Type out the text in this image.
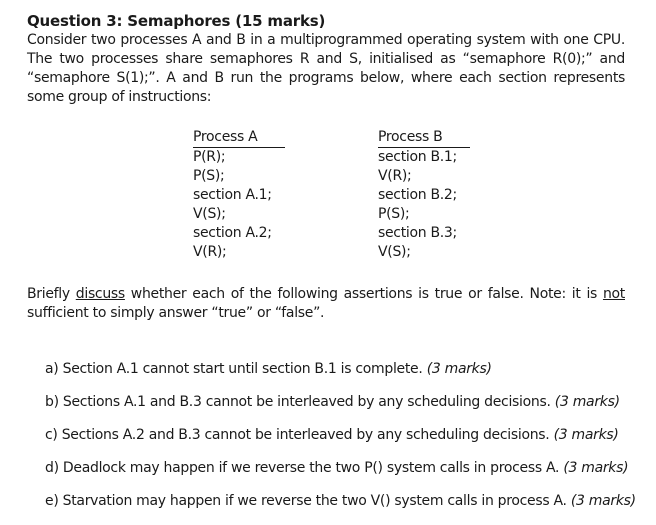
Question 3: Semaphores (15 marks)

Consider two processes A and B in a multiprogrammed operating system with one CPU. The two processes share semaphores R and S, initialised as “semaphore R(0);” and “semaphore S(1);”. A and B run the programs below, where each section represents some group of instructions:

Process A
P(R);
P(S);
section A.1;
V(S);
section A.2;
V(R);
Process B
section B.1;
V(R);
section B.2;
P(S);
section B.3;
V(S);

Briefly discuss whether each of the following assertions is true or false. Note: it is not sufficient to simply answer “true” or “false”.

a) Section A.1 cannot start until section B.1 is complete. (3 marks)
b) Sections A.1 and B.3 cannot be interleaved by any scheduling decisions. (3 marks)
c) Sections A.2 and B.3 cannot be interleaved by any scheduling decisions. (3 marks)
d) Deadlock may happen if we reverse the two P() system calls in process A. (3 marks)
e) Starvation may happen if we reverse the two V() system calls in process A. (3 marks)
